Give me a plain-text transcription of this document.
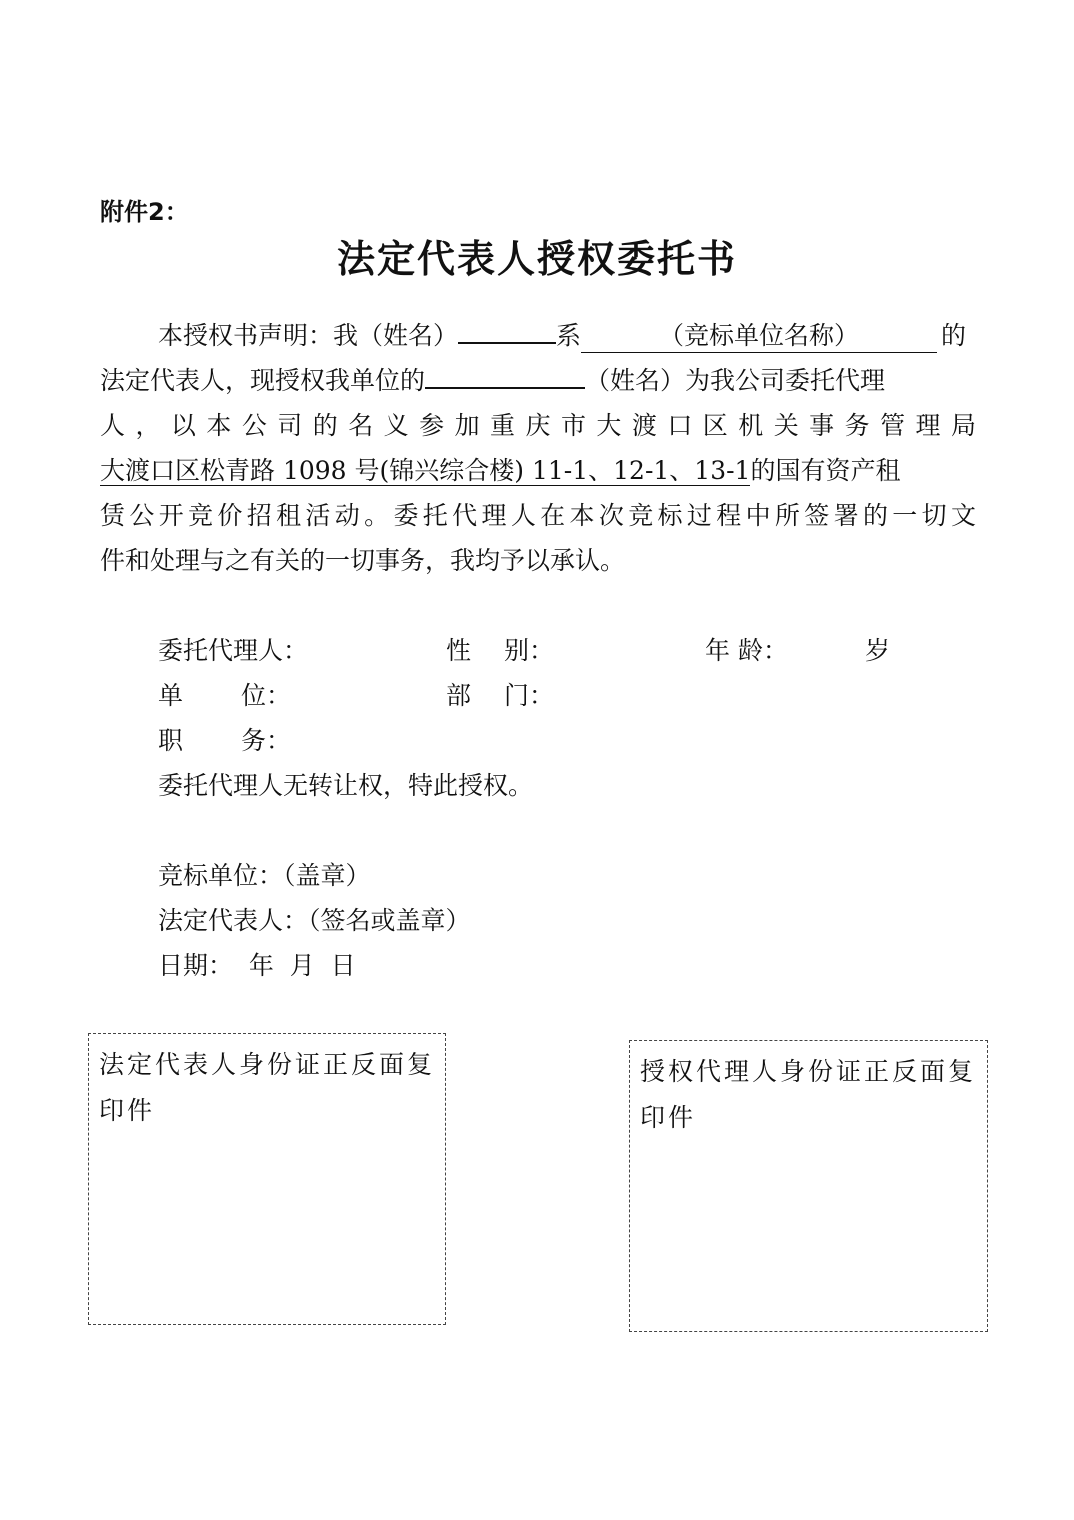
附件2：
法定代表人授权委托书
本授权书声明：我（姓名）	系	（竞标单位名称）	的
法定代表人，现授权我单位的	（姓名）为我公司委托代理
人，以本公司的名义参加重庆市大渡口区机关事务管理局
大渡口区松青路 1098 号(锦兴综合楼) 11-1、12-1、13-1的国有资产租
赁公开竞价招租活动。委托代理人在本次竞标过程中所签署的一切文
件和处理与之有关的一切事务，我均予以承认。
委托代理人：	性　 别：	年 龄：	岁
单　　 位：	部　 门：
职　　 务：
委托代理人无转让权，特此授权。
竞标单位：（盖章）
法定代表人：（签名或盖章）
日期：  年  月  日
法定代表人身份证正反面复印件
授权代理人身份证正反面复印件
